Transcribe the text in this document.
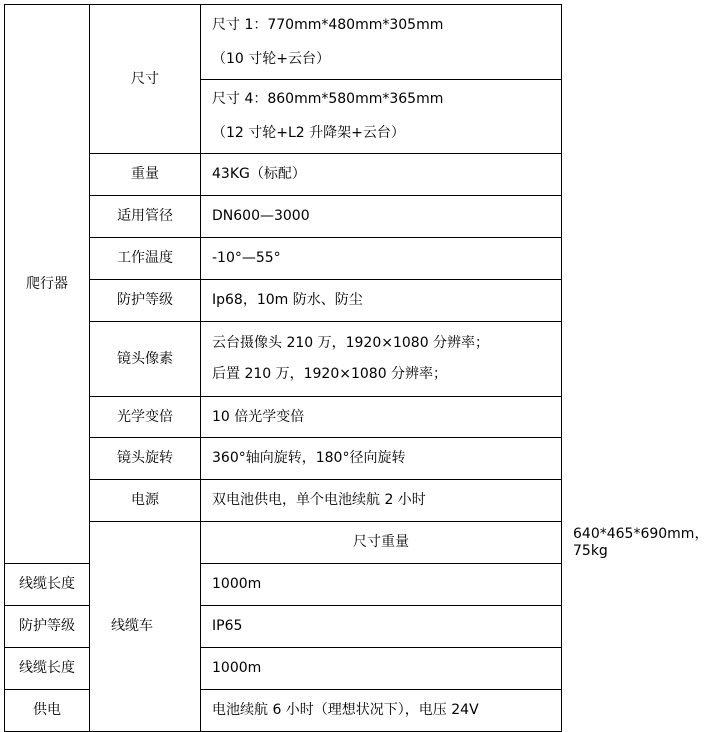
爬行器	尺寸	尺寸 1：770mm*480mm*305mm
（10 寸轮+云台）	

		尺寸 4：860mm*580mm*365mm
（12 寸轮+L2 升降架+云台）	

	重量	43KG（标配）	
	适用管径	DN600—3000	
	工作温度	-10°—55°	
	防护等级	Ip68，10m 防水、防尘	
	镜头像素	云台摄像头 210 万，1920×1080 分辨率；
后置 210 万，1920×1080 分辨率；	

	光学变倍	10 倍光学变倍	
	镜头旋转	360°轴向旋转，180°径向旋转	
	电源	双电池供电，单个电池续航 2 小时	
	线缆车	尺寸重量	640*465*690mm，75kg
线缆长度		1000m	
防护等级		IP65	
线缆长度		1000m	
供电		电池续航 6 小时（理想状况下），电压 24V	
